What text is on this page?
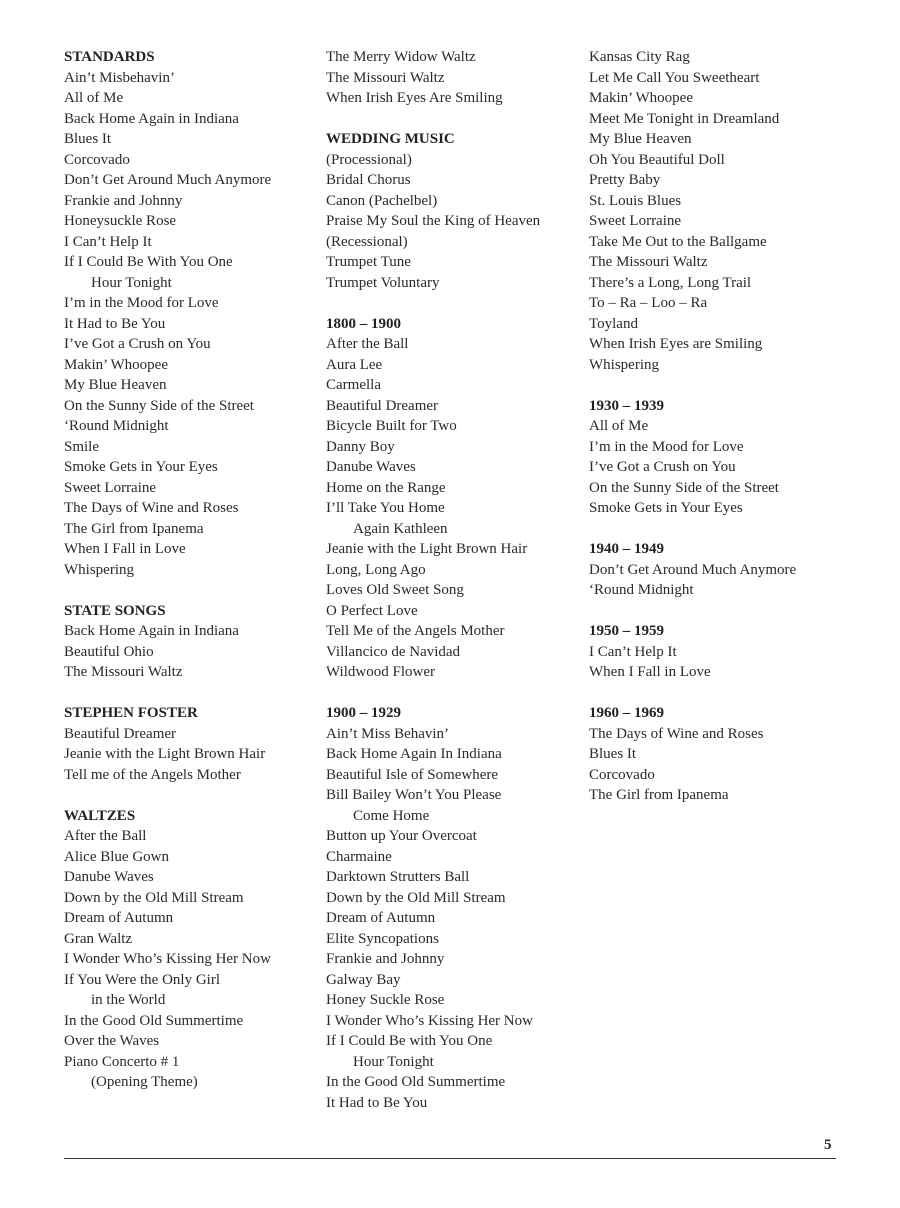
STANDARDS
Ain’t Misbehavin’
All of Me
Back Home Again in Indiana
Blues It
Corcovado
Don’t Get Around Much Anymore
Frankie and Johnny
Honeysuckle Rose
I Can’t Help It
If I Could Be With You One
Hour Tonight
I’m in the Mood for Love
It Had to Be You
I’ve Got a Crush on You
Makin’ Whoopee
My Blue Heaven
On the Sunny Side of the Street
‘Round Midnight
Smile
Smoke Gets in Your Eyes
Sweet Lorraine
The Days of Wine and Roses
The Girl from Ipanema
When I Fall in Love
Whispering
STATE SONGS
Back Home Again in Indiana
Beautiful Ohio
The Missouri Waltz
STEPHEN FOSTER
Beautiful Dreamer
Jeanie with the Light Brown Hair
Tell me of the Angels Mother
WALTZES
After the Ball
Alice Blue Gown
Danube Waves
Down by the Old Mill Stream
Dream of Autumn
Gran Waltz
I Wonder Who’s Kissing Her Now
If You Were the Only Girl
in the World
In the Good Old Summertime
Over the Waves
Piano Concerto # 1
(Opening Theme)
The Merry Widow Waltz
The Missouri Waltz
When Irish Eyes Are Smiling
WEDDING MUSIC
(Processional)
Bridal Chorus
Canon (Pachelbel)
Praise My Soul the King of Heaven
(Recessional)
Trumpet Tune
Trumpet Voluntary
1800 – 1900
After the Ball
Aura Lee
Carmella
Beautiful Dreamer
Bicycle Built for Two
Danny Boy
Danube Waves
Home on the Range
I’ll Take You Home
Again Kathleen
Jeanie with the Light Brown Hair
Long, Long Ago
Loves Old Sweet Song
O Perfect Love
Tell Me of the Angels Mother
Villancico de Navidad
Wildwood Flower
1900 – 1929
Ain’t Miss Behavin’
Back Home Again In Indiana
Beautiful Isle of Somewhere
Bill Bailey Won’t You Please
Come Home
Button up Your Overcoat
Charmaine
Darktown Strutters Ball
Down by the Old Mill Stream
Dream of Autumn
Elite Syncopations
Frankie and Johnny
Galway Bay
Honey Suckle Rose
I Wonder Who’s Kissing Her Now
If I Could Be with You One
Hour Tonight
In the Good Old Summertime
It Had to Be You
Kansas City Rag
Let Me Call You Sweetheart
Makin’ Whoopee
Meet Me Tonight in Dreamland
My Blue Heaven
Oh You Beautiful Doll
Pretty Baby
St. Louis Blues
Sweet Lorraine
Take Me Out to the Ballgame
The Missouri Waltz
There’s a Long, Long Trail
To – Ra – Loo – Ra
Toyland
When Irish Eyes are Smiling
Whispering
1930 – 1939
All of Me
I’m in the Mood for Love
I’ve Got a Crush on You
On the Sunny Side of the Street
Smoke Gets in Your Eyes
1940 – 1949
Don’t Get Around Much Anymore
‘Round Midnight
1950 – 1959
I Can’t Help It
When I Fall in Love
1960 – 1969
The Days of Wine and Roses
Blues It
Corcovado
The Girl from Ipanema
5
